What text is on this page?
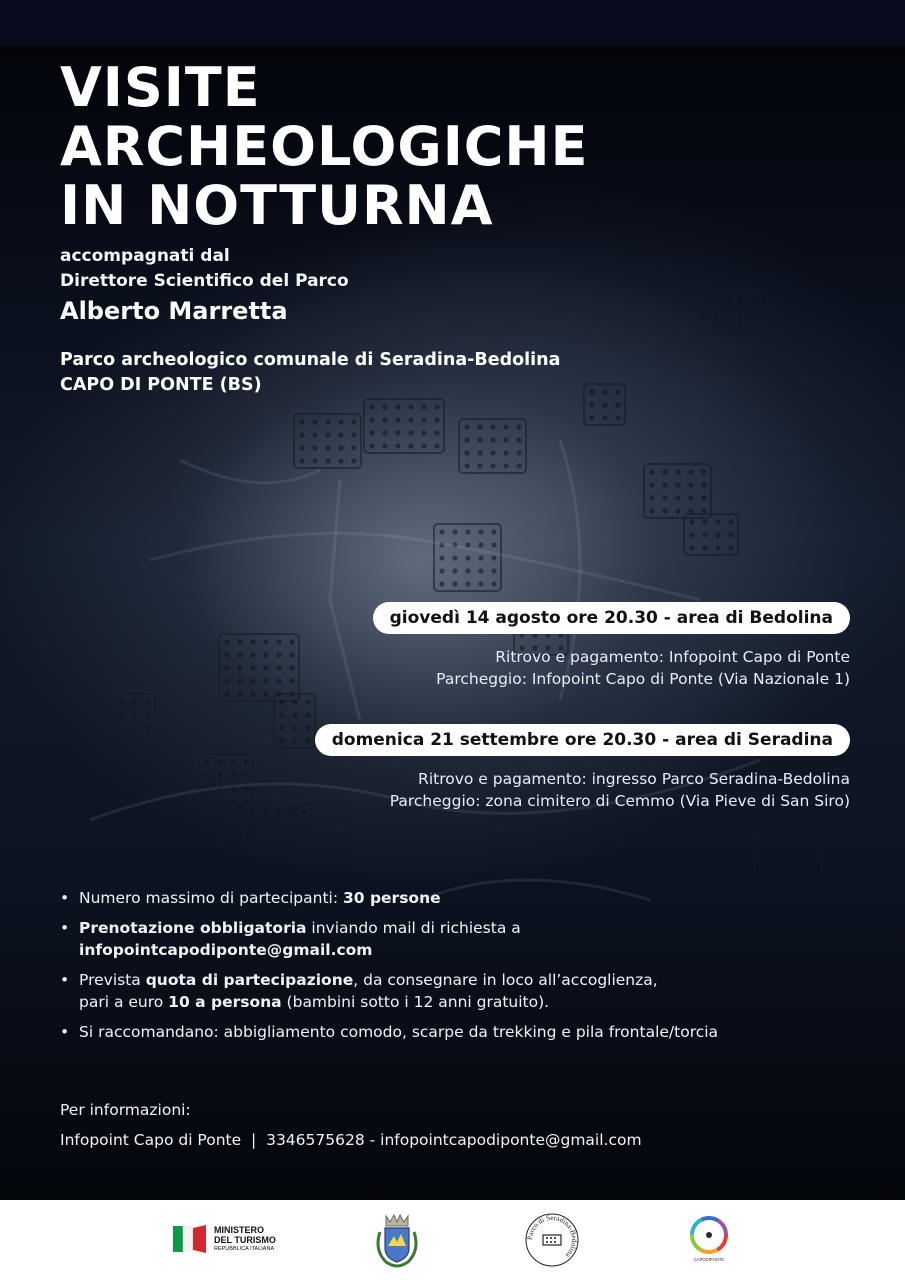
VISITE
ARCHEOLOGICHE
IN NOTTURNA
accompagnati dal
Direttore Scientifico del Parco
Alberto Marretta
Parco archeologico comunale di Seradina-Bedolina
CAPO DI PONTE (BS)
giovedì 14 agosto ore 20.30 - area di Bedolina
Ritrovo e pagamento: Infopoint Capo di Ponte
Parcheggio: Infopoint Capo di Ponte (Via Nazionale 1)
domenica 21 settembre ore 20.30 - area di Seradina
Ritrovo e pagamento: ingresso Parco Seradina-Bedolina
Parcheggio: zona cimitero di Cemmo (Via Pieve di San Siro)
• Numero massimo di partecipanti: 30 persone
• Prenotazione obbligatoria inviando mail di richiesta a
infopointcapodiponte@gmail.com
• Prevista quota di partecipazione, da consegnare in loco all’accoglienza,
pari a euro 10 a persona (bambini sotto i 12 anni gratuito).
• Si raccomandano: abbigliamento comodo, scarpe da trekking e pila frontale/torcia
Per informazioni:
Infopoint Capo di Ponte  |  3346575628 - infopointcapodiponte@gmail.com
MINISTERO
DEL TURISMO
REPUBBLICA ITALIANA
Parco di Seradina-Bedolina
CAPODIPONTE
